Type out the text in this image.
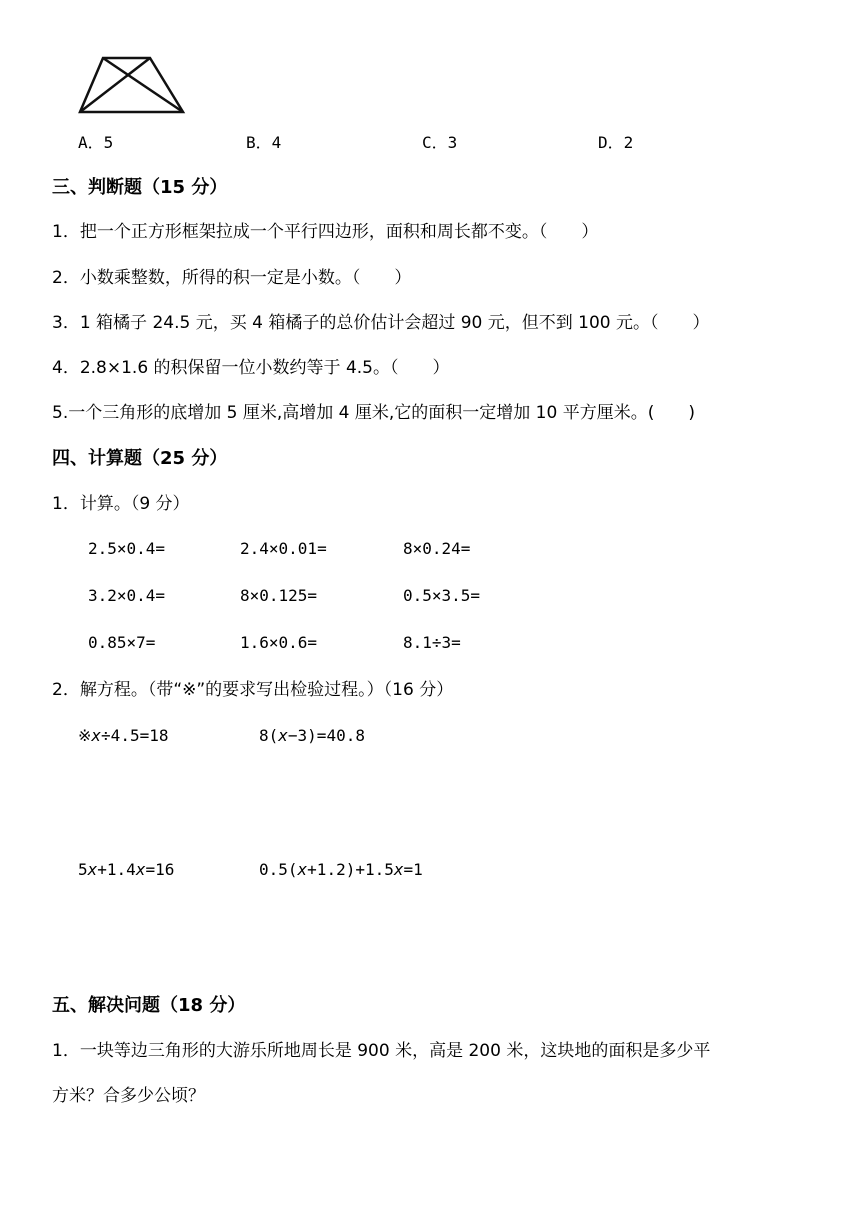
A．5	B．4	C．3	D．2
三、判断题（15 分）
1．把一个正方形框架拉成一个平行四边形，面积和周长都不变。（　　）
2．小数乘整数，所得的积一定是小数。（　　）
3．1 箱橘子 24.5 元，买 4 箱橘子的总价估计会超过 90 元，但不到 100 元。（　　）
4．2.8×1.6 的积保留一位小数约等于 4.5。（　　）
5.一个三角形的底增加 5 厘米,高增加 4 厘米,它的面积一定增加 10 平方厘米。(　　)
四、计算题（25 分）
1．计算。（9 分）
2.5×0.4=	2.4×0.01=	8×0.24=
3.2×0.4=	8×0.125=	0.5×3.5=
0.85×7=	1.6×0.6=	8.1÷3=
2．解方程。（带“※”的要求写出检验过程。）（16 分）
※x÷4.5=18	8(x−3)=40.8
5x+1.4x=16	0.5(x+1.2)+1.5x=1
五、解决问题（18 分）
1．一块等边三角形的大游乐所地周长是 900 米，高是 200 米，这块地的面积是多少平
方米？合多少公顷？
